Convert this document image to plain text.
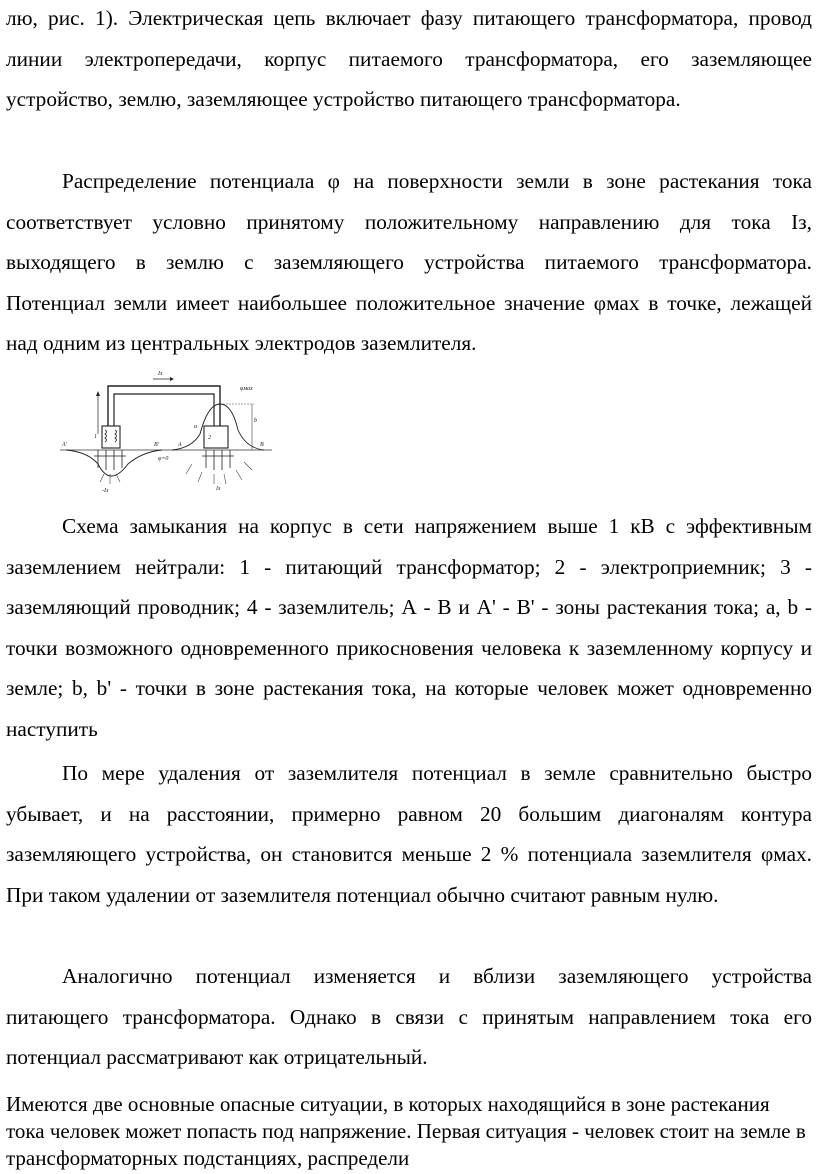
лю, рис. 1). Электрическая цепь включает фазу питающего трансформатора, провод линии электропередачи, корпус питаемого трансформатора, его заземляющее устройство, землю, заземляющее устройство питающего трансформатора.

Распределение потенциала φ на поверхности земли в зоне растекания тока соответствует условно принятому положительному направлению для тока Iз, выходящего в землю с заземляющего устройства питаемого трансформатора. Потенциал земли имеет наибольшее положительное значение φмах в точке, лежащей над одним из центральных электродов заземлителя.

Iз
1
-Iз
A'	B'
φ=0
2
φмах
a
b
A	B
Iз

Схема замыкания на корпус в сети напряжением выше 1 кВ с эффективным заземлением нейтрали: 1 - питающий трансформатор; 2 - электроприемник; 3 - заземляющий проводник; 4 - заземлитель; А - В и А' - В' - зоны растекания тока; a, b - точки возможного одновременного прикосновения человека к заземленному корпусу и земле; b, b' - точки в зоне растекания тока, на которые человек может одновременно наступить

По мере удаления от заземлителя потенциал в земле сравнительно быстро убывает, и на расстоянии, примерно равном 20 большим диагоналям контура заземляющего устройства, он становится меньше 2 % потенциала заземлителя φмах. При таком удалении от заземлителя потенциал обычно считают равным нулю.

Аналогично потенциал изменяется и вблизи заземляющего устройства питающего трансформатора. Однако в связи с принятым направлением тока его потенциал рассматривают как отрицательный.

Имеются две основные опасные ситуации, в которых находящийся в зоне растекания тока человек может попасть под напряжение. Первая ситуация - человек стоит на земле в трансформаторных подстанциях, распредели
